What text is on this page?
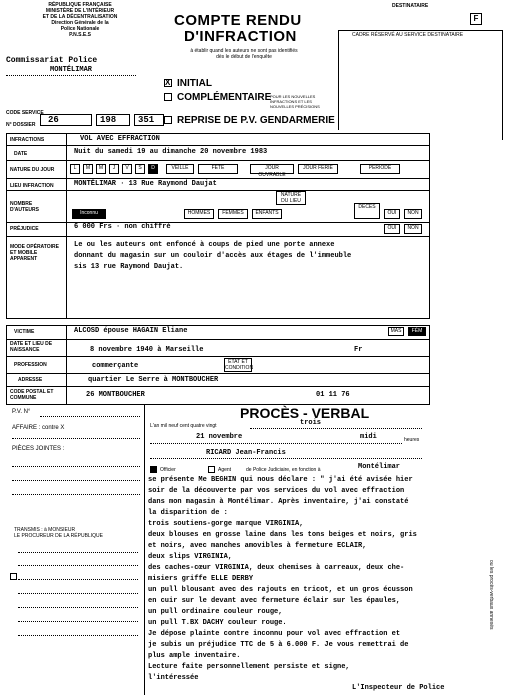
RÉPUBLIQUE FRANÇAISE
MINISTÈRE DE L'INTÉRIEUR
ET DE LA DÉCENTRALISATION
Direction Générale de la
Police Nationale
P.N.S.E.S
Commissariat Police
MONTÉLIMAR
COMPTE RENDU
D'INFRACTION
à établir quand les auteurs ne sont pas identifiés
dès le début de l'enquête
DESTINATAIRE
F
CADRE RÉSERVÉ AU SERVICE DESTINATAIRE
X INITIAL
COMPLÉMENTAIRE
POUR LES NOUVELLES INFRACTIONS ET LES NOUVELLES PRÉCISIONS
REPRISE DE P.V. GENDARMERIE
CODE SERVICE
26	198 351
N° DOSSIER
INFRACTIONS	VOL AVEC EFFRACTION
DATE	Nuit du samedi 19 au dimanche 20 novembre 1983
NATURE DU JOUR	L	M	M	J	V	S	D	VEILLE	FÊTE	JOUR OUVRABLE
JOUR FÉRIÉ	PÉRIODE
LIEU INFRACTION	MONTÉLIMAR · 13 Rue Raymond Daujat
NATURE DU LIEU
NOMBRE D'AUTEURS	Inconnu	HOMMES	FEMMES	ENFANTS
DÉCÈS
OUI	NON
PRÉJUDICE	6 000 Frs · non chiffré	OUI	NON
MODE OPÉRATOIRE ET MOBILE APPARENT
Le ou les auteurs ont enfoncé à coups de pied une porte annexe
donnant du magasin sur un couloir d'accès aux étages de l'immeuble
sis 13 rue Raymond Daujat.
VICTIME	ALCOSD épouse HAGAIN Eliane	MAS	FÉM
DATE ET LIEU DE NAISSANCE	8 novembre 1940 à Marseille	Fr
PROFESSION	commerçante	ÉTAT ET CONDITION
ADRESSE	quartier Le Serre à MONTBOUCHER
CODE POSTAL ET COMMUNE	26 MONTBOUCHER	01 11 76
P.V. N°
AFFAIRE : contre X
PIÈCES JOINTES :
TRANSMIS : à MONSIEUR
LE PROCUREUR DE LA RÉPUBLIQUE
PROCÈS - VERBAL
L'an mil neuf cent quatre vingt	trois
21 novembre	midi	heures
RICARD Jean-Francis
Officier	Agent	de Police Judiciaire, en fonction à	Montélimar
se présente Me BEGHIN qui nous déclare : " j'ai été avisée hier
soir de la découverte par vos services du vol avec effraction
dans mon magasin à Montélimar. Après inventaire, j'ai constaté
la disparition de :
trois soutiens-gorge marque VIRGINIA,
deux blouses en grosse laine dans les tons beiges et noirs, gris
et noirs, avec manches amovibles à fermeture ECLAIR,
deux slips VIRGINIA,
des caches-cœur VIRGINIA, deux chemises à carreaux, deux che-
misiers griffe ELLE DERBY
un pull blousant avec des rajouts en tricot, et un gros écusson
en cuir sur le devant avec fermeture éclair sur les épaules,
un pull ordinaire couleur rouge,
un pull T.BX DACHY couleur rouge.
Je dépose plainte contre inconnu pour vol avec effraction et
je subis un préjudice TTC de 5 à 6.000 F. Je vous remettrai de
plus ample inventaire.
Lecture faite personnellement persiste et signe,
l'intéressée
L'Inspecteur de Police
ou les procès-verbaux annexés
